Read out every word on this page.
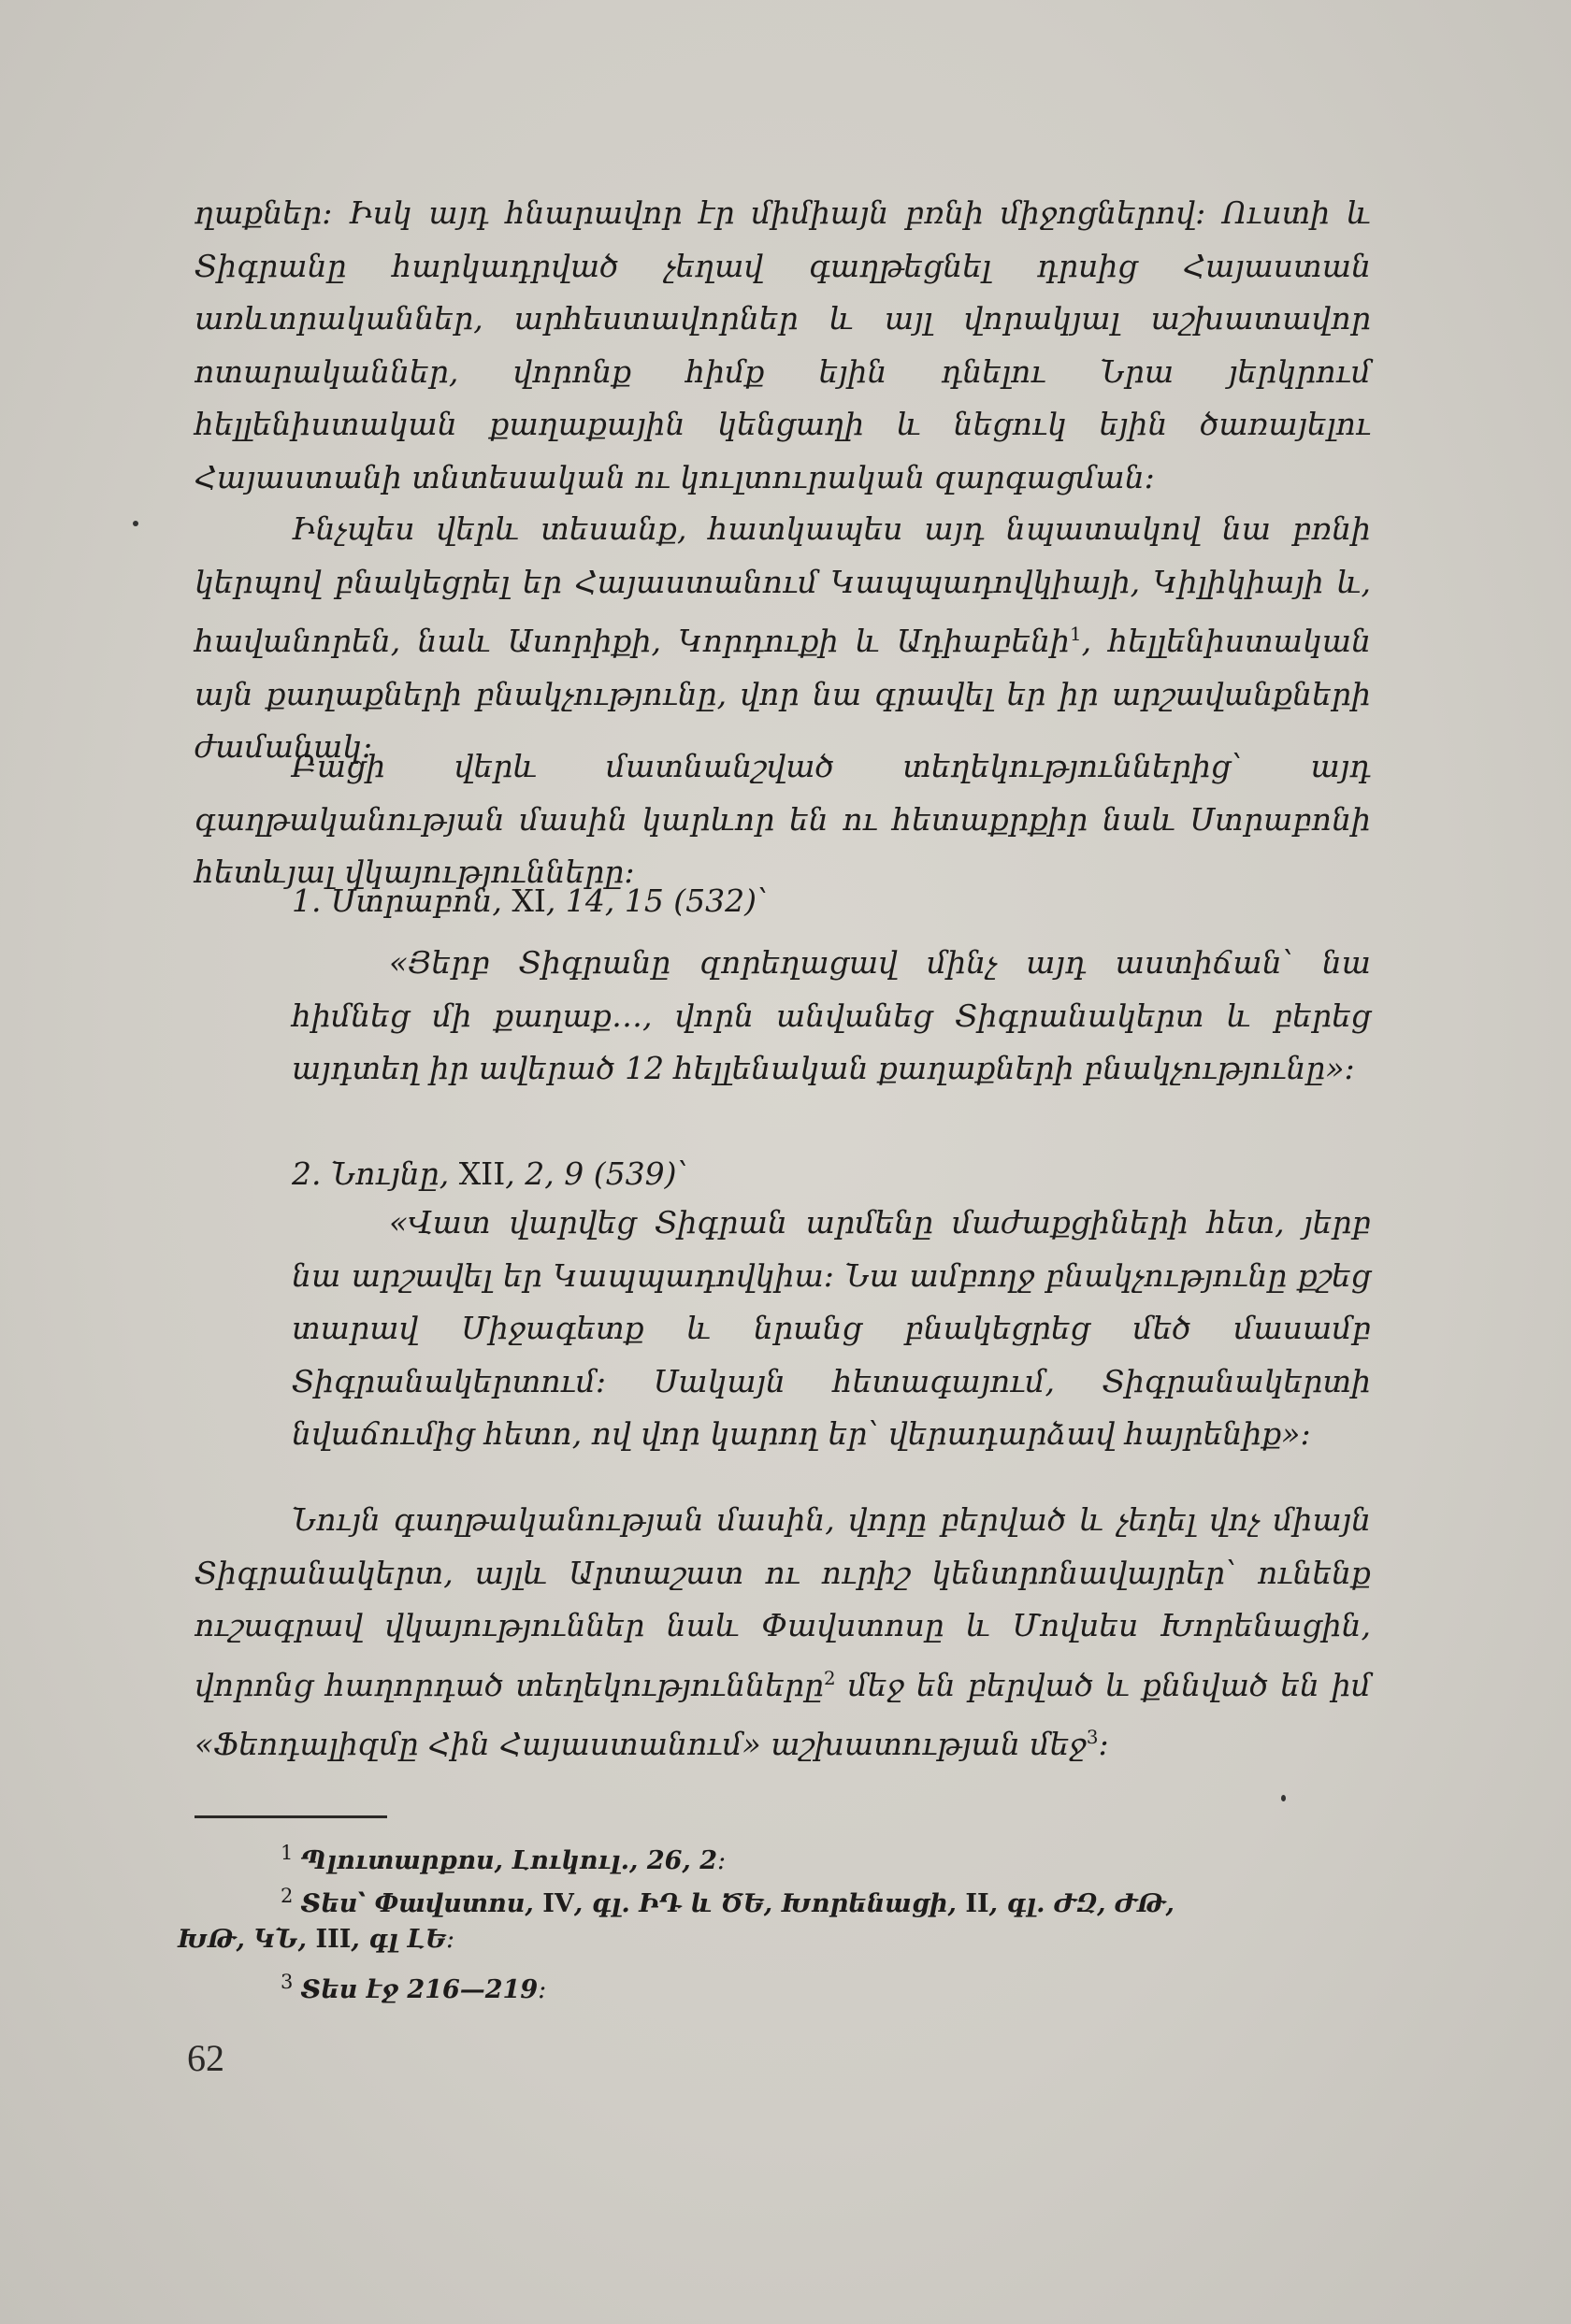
ղաքներ։ Իսկ այդ հնարավոր էր միմիայն բռնի միջոցներով։ Ուստի և Տիգրանը հարկադրված չեղավ գաղթեցնել դրսից Հայաստան առևտրականներ, արհեստավորներ և այլ վորակյալ աշխատավոր ոտարականներ, վորոնք հիմք եյին դնելու Նրա յերկրում հելլենիստական քաղաքային կենցաղի և նեցուկ եյին ծառայելու Հայաստանի տնտեսական ու կուլտուրական զարգացման։
Ինչպես վերև տեսանք, հատկապես այդ նպատակով նա բռնի կերպով բնակեցրել եր Հայաստանում Կապպադովկիայի, Կիլիկիայի և, հավանորեն, նաև Ասորիքի, Կորդուքի և Ադիաբենի$^1$, հելլենիստական այն քաղաքների բնակչությունը, վոր նա գրավել եր իր արշավանքների ժամանակ։
Բացի վերև մատնանշված տեղեկություններից՝ այդ գաղթականության մասին կարևոր են ու հետաքրքիր նաև Ստրաբոնի հետևյալ վկայությունները։
1. Ստրաբոն, XI, 14, 15 (532)՝
«Յերբ Տիգրանը զորեղացավ մինչ այդ աստիճան՝ նա հիմնեց մի քաղաք…, վորն անվանեց Տիգրանակերտ և բերեց այդտեղ իր ավերած 12 հելլենական քաղաքների բնակչությունը»։
2. Նույնը, XII, 2, 9 (539)՝
«Վատ վարվեց Տիգրան արմենը մաժաքցիների հետ, յերբ նա արշավել եր Կապպադովկիա։ Նա ամբողջ բնակչությունը քշեց տարավ Միջագետք և նրանց բնակեցրեց մեծ մասամբ Տիգրանակերտում։ Սակայն հետագայում, Տիգրանակերտի նվաճումից հետո, ով վոր կարող եր՝ վերադարձավ հայրենիք»։
Նույն գաղթականության մասին, վորը բերված և չեղել վոչ միայն Տիգրանակերտ, այլև Արտաշատ ու ուրիշ կենտրոնավայրեր՝ ունենք ուշագրավ վկայություններ նաև Փավստոսը և Մովսես Խորենացին, վորոնց հաղորդած տեղեկությունները$^2$ մեջ են բերված և քննված են իմ «Ֆեոդալիզմը Հին Հայաստանում» աշխատության մեջ$^3$։
$^1$ Պլուտարքոս, Լուկուլ., 26, 2։
$^2$ Տես՝ Փավստոս, IV, գլ. ԻԴ և ԾԵ, Խորենացի, II, գլ. ԺԶ, ԺԹ,
ԽԹ, ԿՆ, III, գլ ԼԵ։
$^3$ Տես էջ 216—219։
62
